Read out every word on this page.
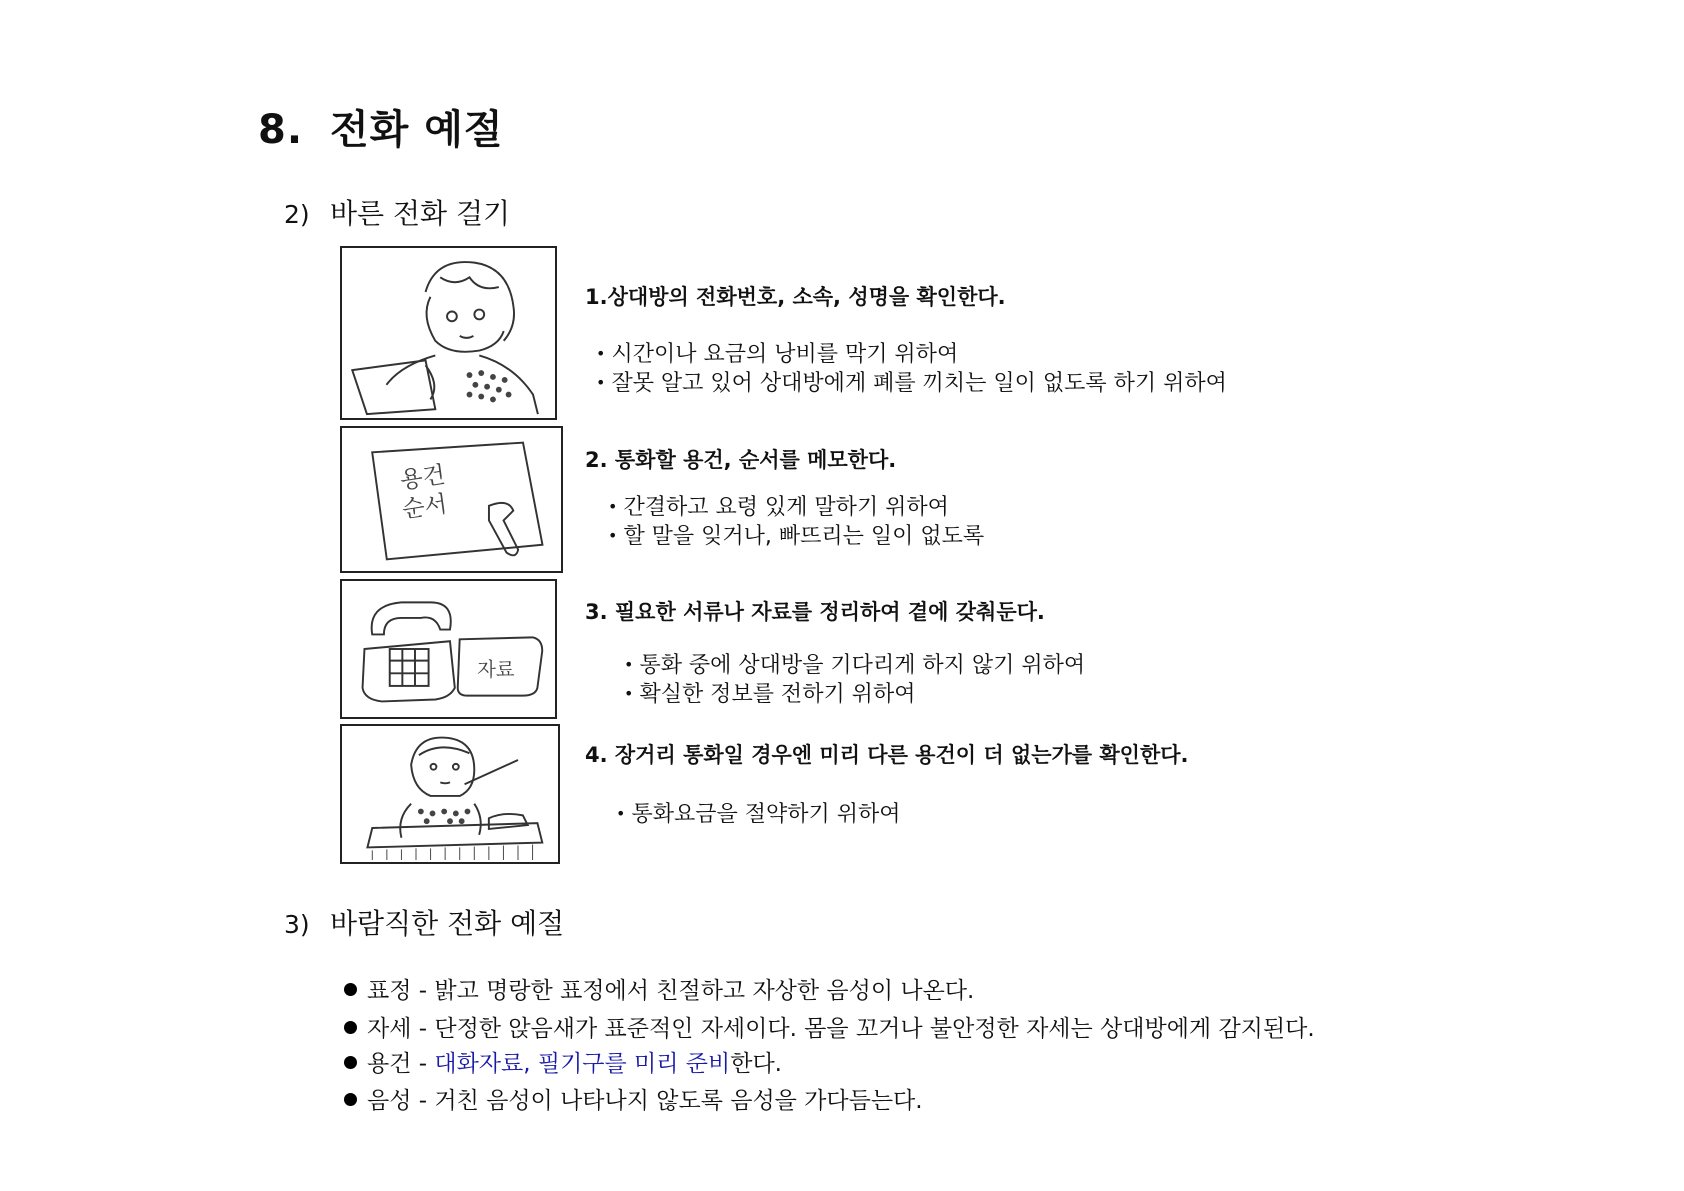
8. 전화 예절
2) 바른 전화 걸기
1.상대방의 전화번호, 소속, 성명을 확인한다.
• 시간이나 요금의 낭비를 막기 위하여
• 잘못 알고 있어 상대방에게 폐를 끼치는 일이 없도록 하기 위하여
용건
순서
2. 통화할 용건, 순서를 메모한다.
• 간결하고 요령 있게 말하기 위하여
• 할 말을 잊거나, 빠뜨리는 일이 없도록
자료
3. 필요한 서류나 자료를 정리하여 곁에 갖춰둔다.
• 통화 중에 상대방을 기다리게 하지 않기 위하여
• 확실한 정보를 전하기 위하여
4. 장거리 통화일 경우엔 미리 다른 용건이 더 없는가를 확인한다.
• 통화요금을 절약하기 위하여
3) 바람직한 전화 예절
표정 - 밝고 명랑한 표정에서 친절하고 자상한 음성이 나온다.
자세 - 단정한 앉음새가 표준적인 자세이다. 몸을 꼬거나 불안정한 자세는 상대방에게 감지된다.
용건 - 대화자료, 필기구를 미리 준비한다.
음성 - 거친 음성이 나타나지 않도록 음성을 가다듬는다.
